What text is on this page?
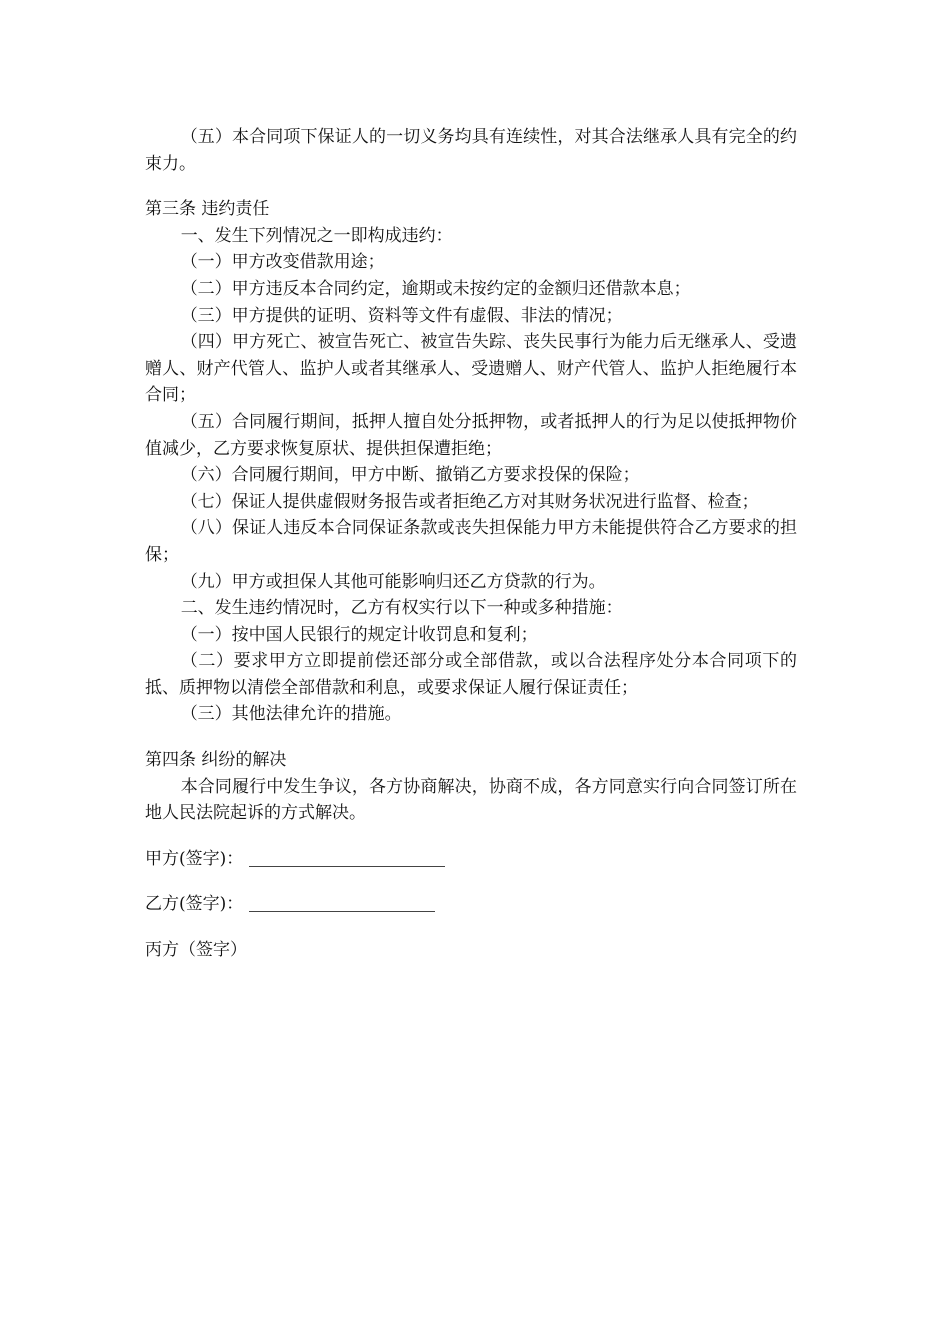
（五）本合同项下保证人的一切义务均具有连续性，对其合法继承人具有完全的约束力。

第三条 违约责任

一、发生下列情况之一即构成违约：

（一）甲方改变借款用途；

（二）甲方违反本合同约定，逾期或未按约定的金额归还借款本息；

（三）甲方提供的证明、资料等文件有虚假、非法的情况；

（四）甲方死亡、被宣告死亡、被宣告失踪、丧失民事行为能力后无继承人、受遗赠人、财产代管人、监护人或者其继承人、受遗赠人、财产代管人、监护人拒绝履行本合同；

（五）合同履行期间，抵押人擅自处分抵押物，或者抵押人的行为足以使抵押物价值减少，乙方要求恢复原状、提供担保遭拒绝；

（六）合同履行期间，甲方中断、撤销乙方要求投保的保险；

（七）保证人提供虚假财务报告或者拒绝乙方对其财务状况进行监督、检查；

（八）保证人违反本合同保证条款或丧失担保能力甲方未能提供符合乙方要求的担保；

（九）甲方或担保人其他可能影响归还乙方贷款的行为。

二、发生违约情况时，乙方有权实行以下一种或多种措施：

（一）按中国人民银行的规定计收罚息和复利；

（二）要求甲方立即提前偿还部分或全部借款，或以合法程序处分本合同项下的抵、质押物以清偿全部借款和利息，或要求保证人履行保证责任；

（三）其他法律允许的措施。

第四条 纠纷的解决

本合同履行中发生争议，各方协商解决，协商不成，各方同意实行向合同签订所在地人民法院起诉的方式解决。

甲方(签字)：

乙方(签字)：

丙方（签字）
